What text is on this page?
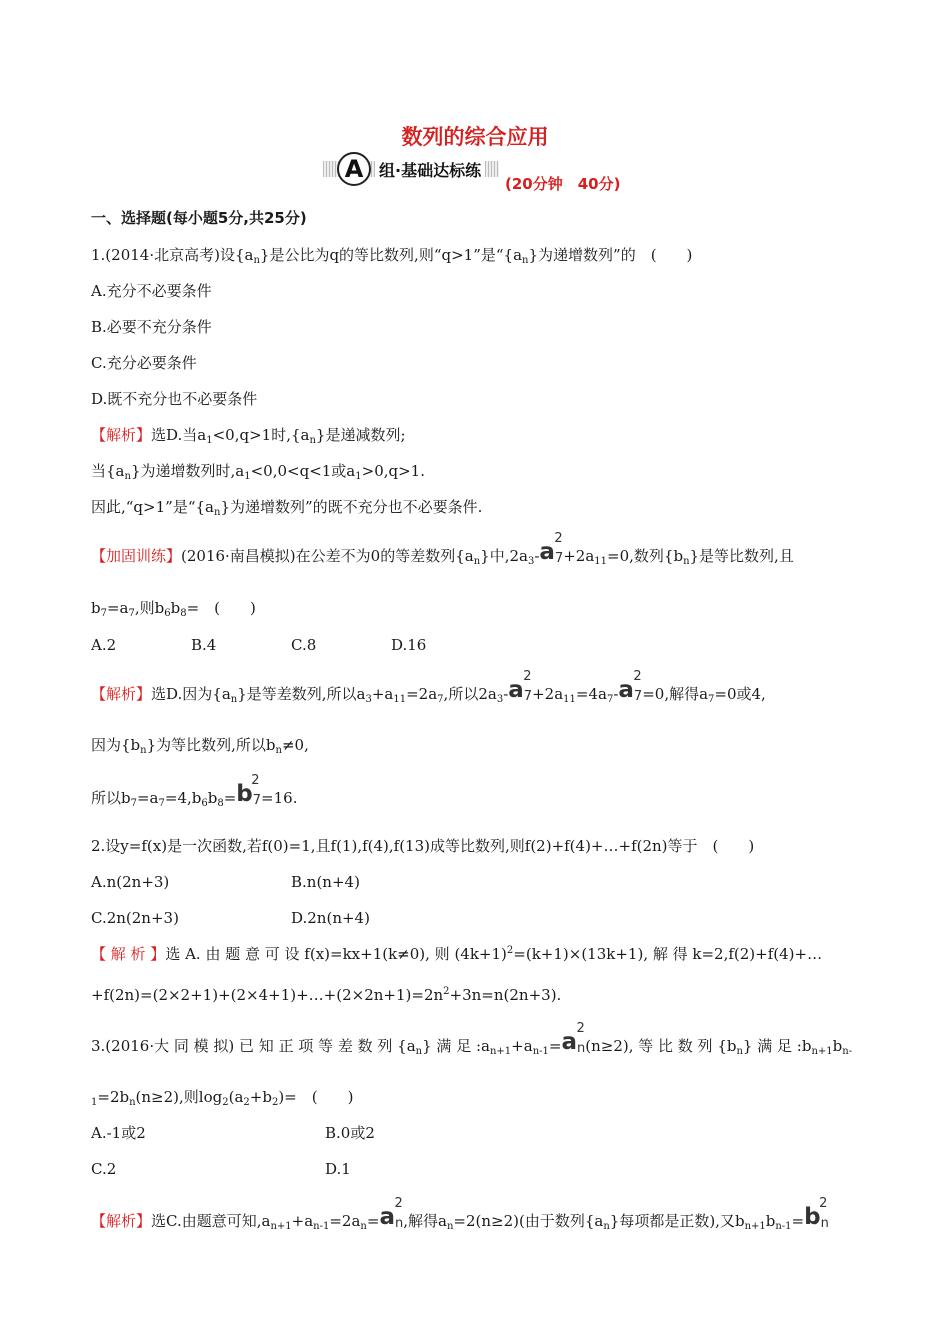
数列的综合应用
A 组·基础达标练
(20分钟　40分)
一、选择题(每小题5分,共25分)
1.(2014·北京高考)设$\{a_n\}$是公比为q的等比数列,则“q>1”是“$\{a_n\}$为递增数列”的　(　　)
A.充分不必要条件
B.必要不充分条件
C.充分必要条件
D.既不充分也不必要条件
【解析】选D.当$a_1<0,q>1$时$,\{a_n\}$是递减数列;
当$\{a_n\}$为递增数列时$,a_1<0,0<q<1$或$a_1>0,q>1$.
因此,“q>1”是“$\{a_n\}$为递增数列”的既不充分也不必要条件.
【加固训练】(2016·南昌模拟)在公差不为0的等差数列$\{a_n\}$中$,2a_3-a7$
2
$+2a_{11}=0$,数列$\{b_n\}$是等比数列,且
$b_7=a_7$,则$b_6b_8=$　(　　)
A.2	B.4	C.8	D.16
【解析】选D.因为$\{a_n\}$是等差数列,所以$a_3+a_{11}=2a_7$,所以$2a_3-a7$
2
$+2a_{11}=4a_7-a7$
2
=0,解得$a_7=0$或4,
因为$\{b_n\}$为等比数列,所以$b_n\ne 0$,
所以$b_7=a_7=4,b_6b_8=b7$
2
=16.
2.设y=f(x)是一次函数,若f(0)=1,且f(1),f(4),f(13)成等比数列,则f(2)+f(4)+…+f(2n)等于　(　　)
A.n(2n+3)	B.n(n+4)
C.2n(2n+3)	D.2n(n+4)
【 解 析 】选 A. 由 题 意 可 设 f(x)=kx+1(k≠0), 则 $(4k+1)^2=(k+1)\times(13k+1)$, 解 得 k=2,f(2)+f(4)+…
$+f(2n)=(2\times 2+1)+(2\times 4+1)+\dots+(2\times 2n+1)=2n^2+3n=n(2n+3)$.
3.(2016·大 同 模 拟) 已 知 正 项 等 差 数 列 $\{a_n\}$ 满 足 $:a_{n+1}+a_{n-1}=an$
2
(n≥2), 等 比 数 列 $\{b_n\}$ 满 足 $:b_{n+1}b_{n-}$
$_1=2b_n(n\ge 2)$,则$\log_2(a_2+b_2)=$　(　　)
A.-1或2	B.0或2
C.2	D.1
【解析】选C.由题意可知$,a_{n+1}+a_{n-1}=2a_n=an$
2
,解得$a_n=2(n\ge 2)$(由于数列$\{a_n\}$每项都是正数),又$b_{n+1}b_{n-1}=bn$
2
